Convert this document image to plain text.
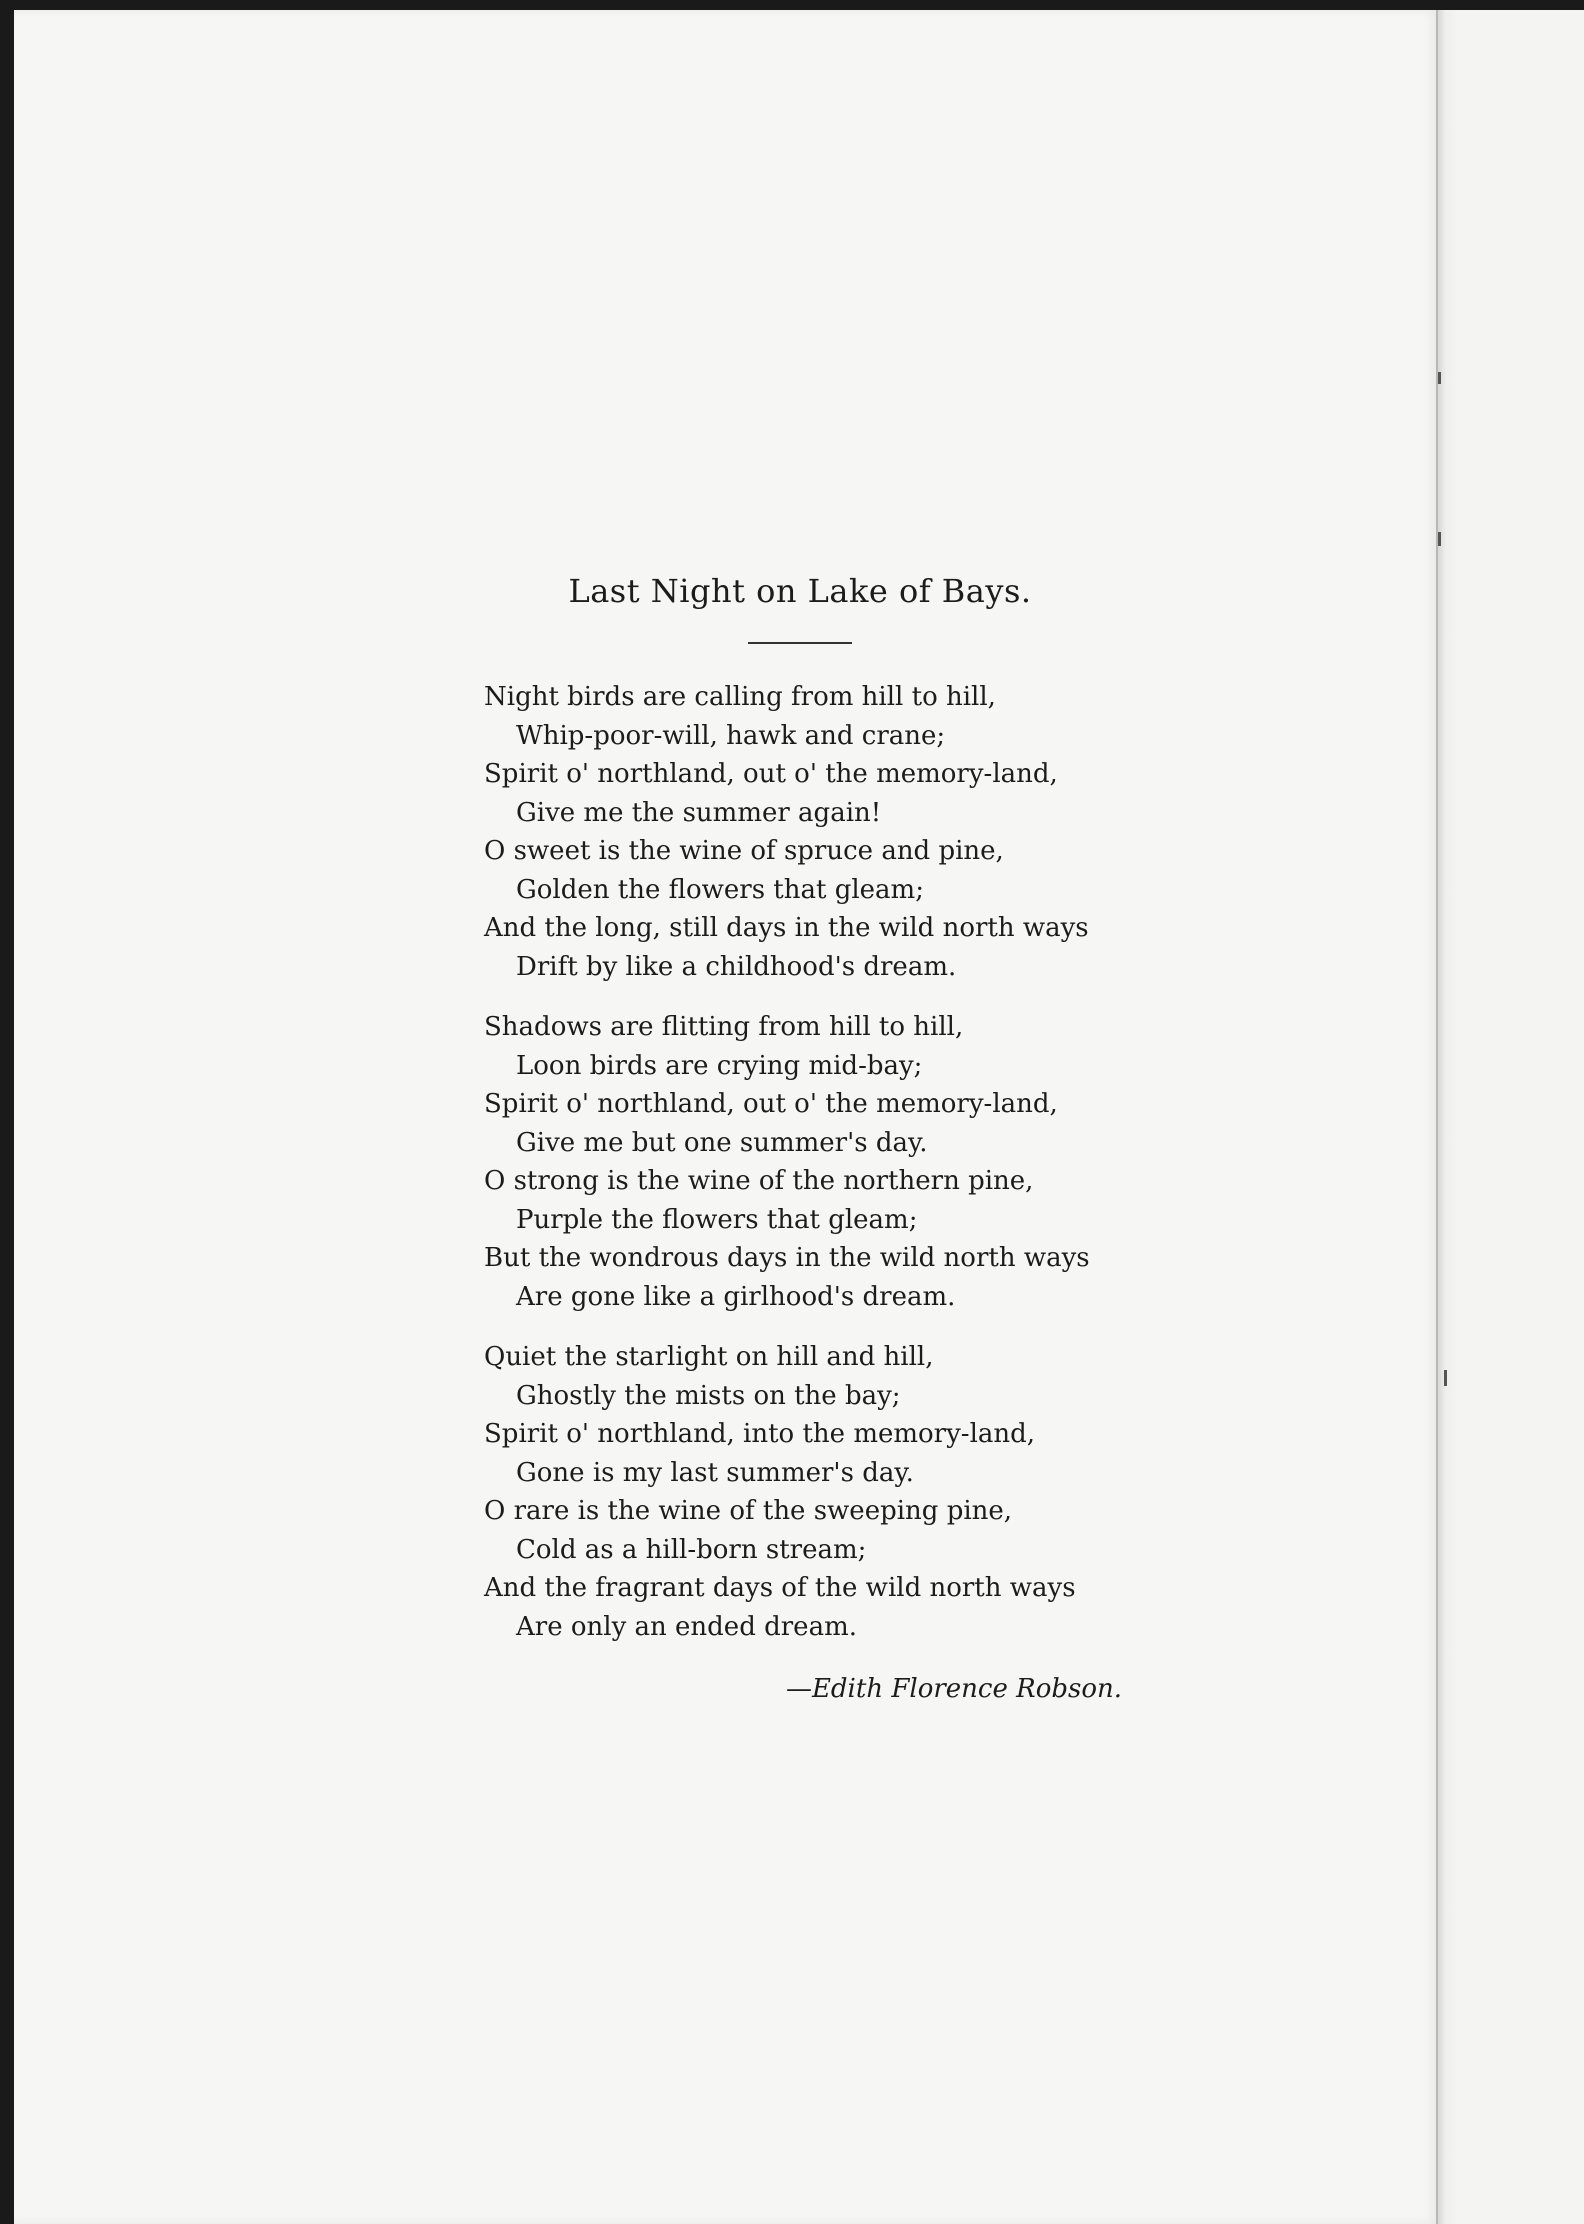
Last Night on Lake of Bays.
Night birds are calling from hill to hill,
Whip-poor-will, hawk and crane;
Spirit o' northland, out o' the memory-land,
Give me the summer again!
O sweet is the wine of spruce and pine,
Golden the flowers that gleam;
And the long, still days in the wild north ways
Drift by like a childhood's dream.
Shadows are flitting from hill to hill,
Loon birds are crying mid-bay;
Spirit o' northland, out o' the memory-land,
Give me but one summer's day.
O strong is the wine of the northern pine,
Purple the flowers that gleam;
But the wondrous days in the wild north ways
Are gone like a girlhood's dream.
Quiet the starlight on hill and hill,
Ghostly the mists on the bay;
Spirit o' northland, into the memory-land,
Gone is my last summer's day.
O rare is the wine of the sweeping pine,
Cold as a hill-born stream;
And the fragrant days of the wild north ways
Are only an ended dream.
—Edith Florence Robson.
